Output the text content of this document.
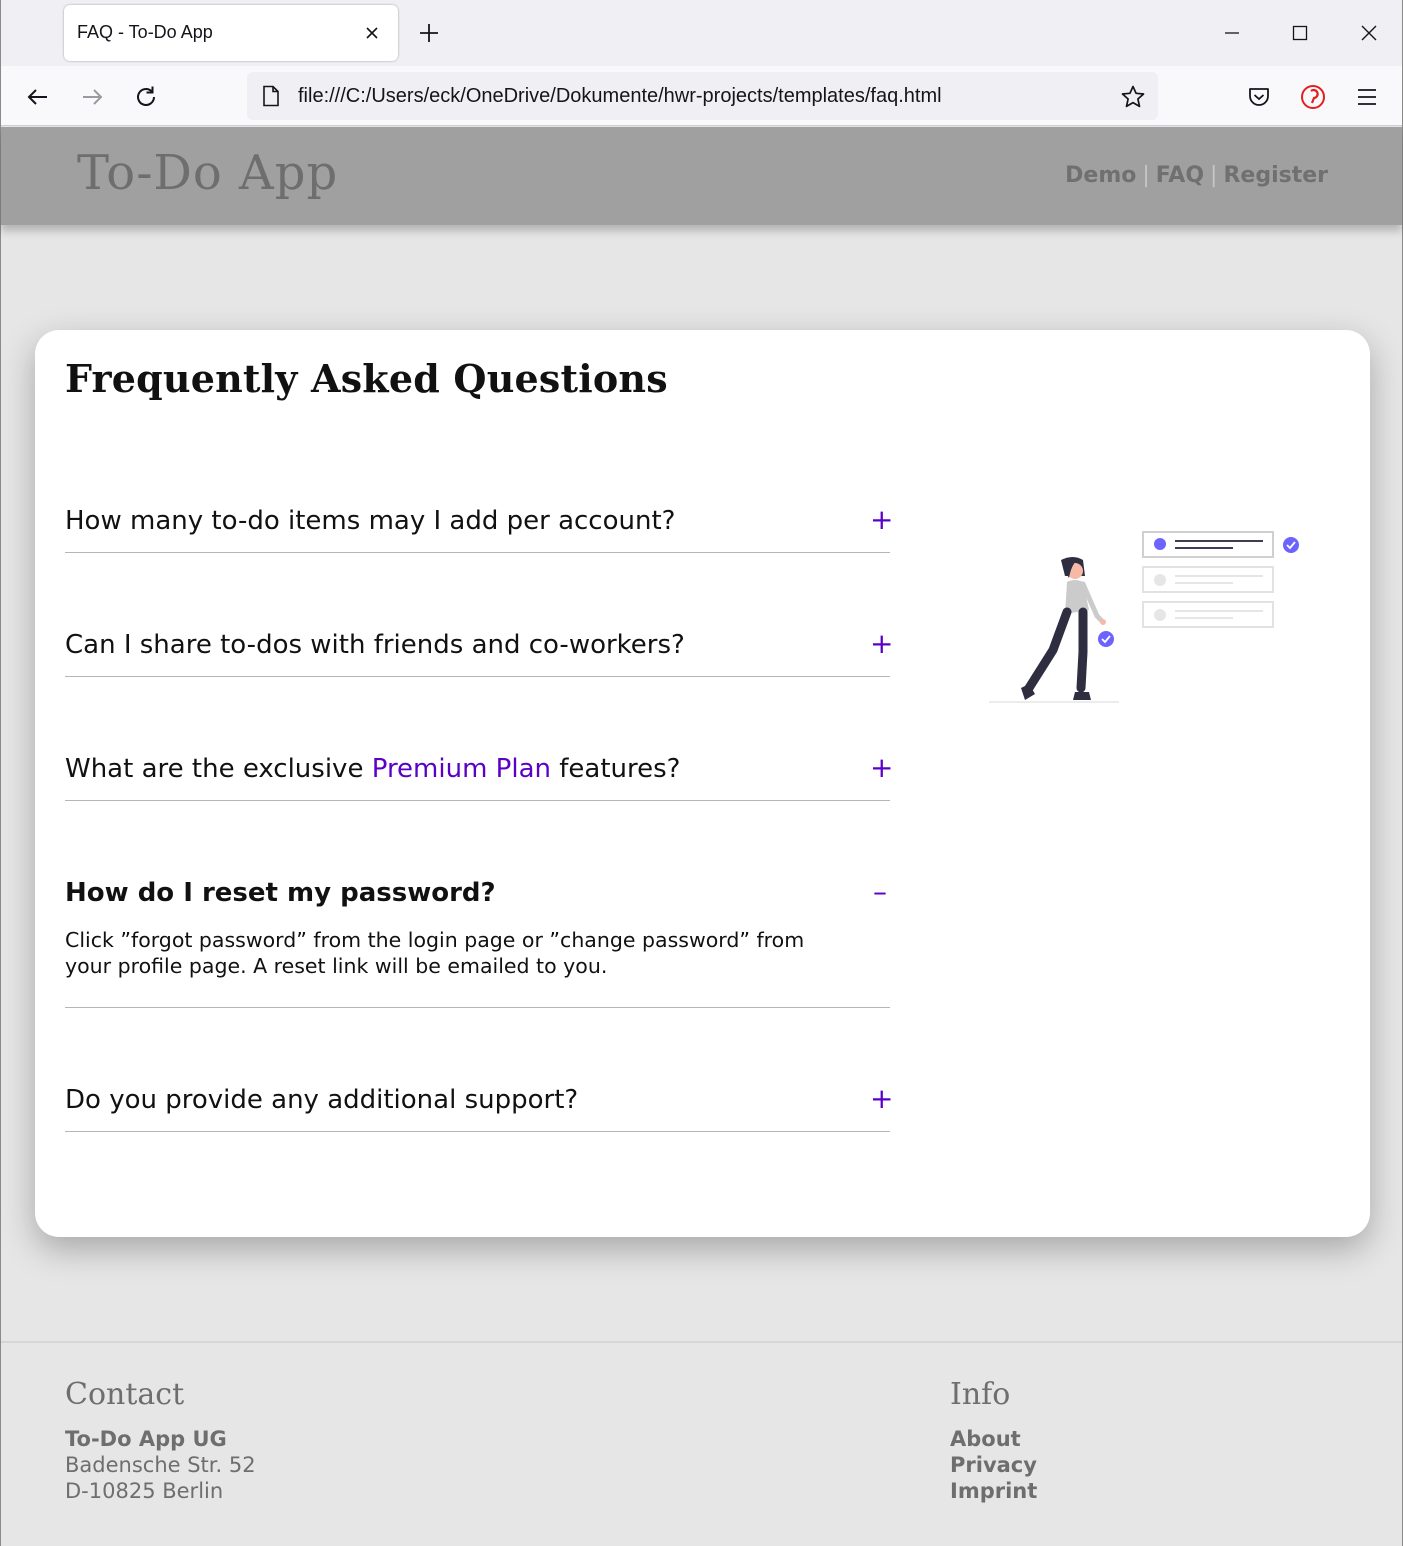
FAQ - To-Do App
file:///C:/Users/eck/OneDrive/Dokumente/hwr-projects/templates/faq.html
To-Do App	Demo | FAQ | Register
Frequently Asked Questions
How many to-do items may I add per account?	+
Can I share to-dos with friends and co-workers?	+
What are the exclusive Premium Plan features?	+
How do I reset my password?	–
Click ”forgot password” from the login page or ”change password” from your profile page. A reset link will be emailed to you.
Do you provide any additional support?	+
Contact
To-Do App UG
Badensche Str. 52
D-10825 Berlin
Info
About
Privacy
Imprint
